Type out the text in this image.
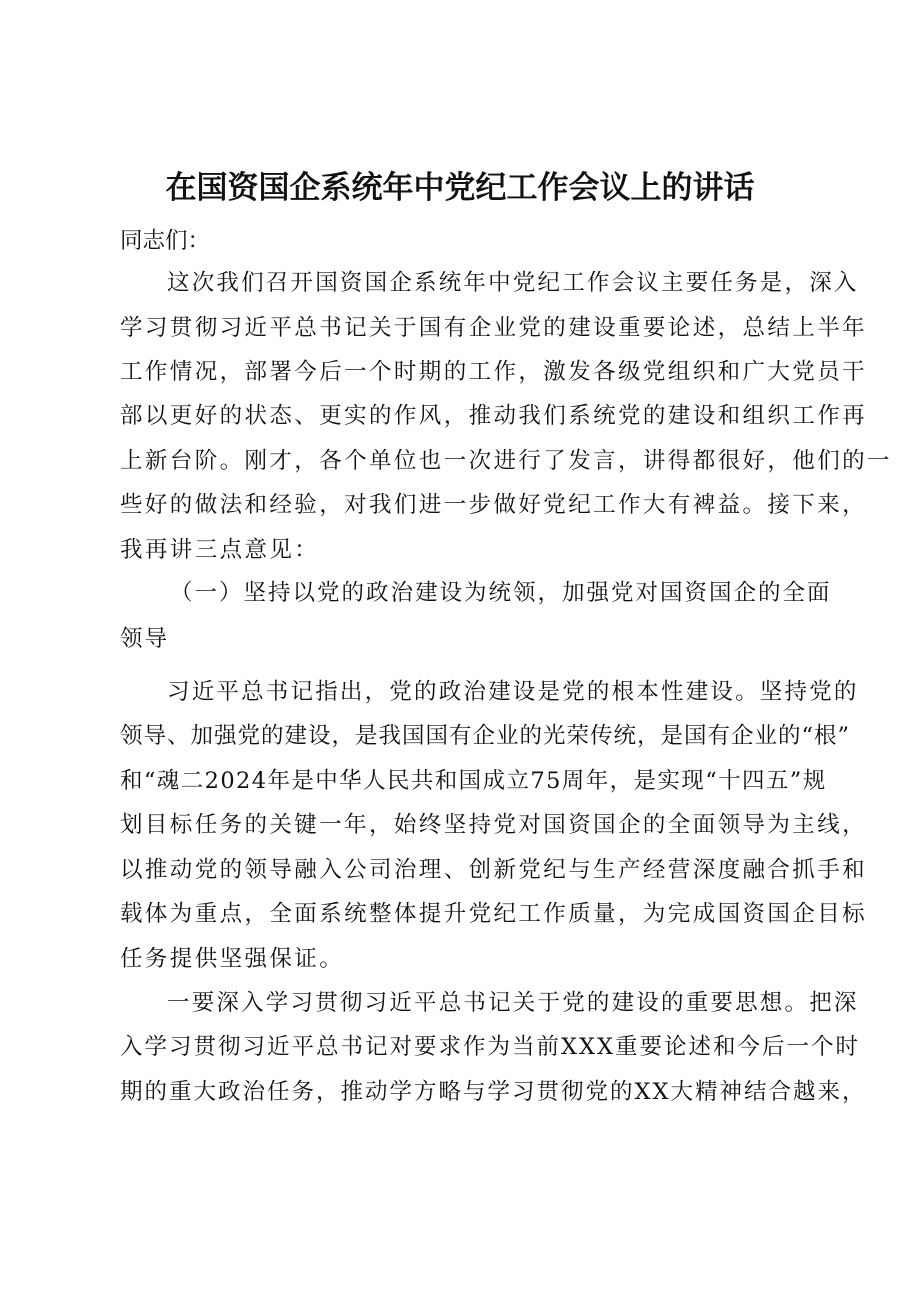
在国资国企系统年中党纪工作会议上的讲话

同志们：

这次我们召开国资国企系统年中党纪工作会议主要任务是，深入

学习贯彻习近平总书记关于国有企业党的建设重要论述，总结上半年

工作情况，部署今后一个时期的工作，激发各级党组织和广大党员干

部以更好的状态、更实的作风，推动我们系统党的建设和组织工作再

上新台阶。刚才，各个单位也一次进行了发言，讲得都很好，他们的一

些好的做法和经验，对我们进一步做好党纪工作大有裨益。接下来，

我再讲三点意见：

（一）坚持以党的政治建设为统领，加强党对国资国企的全面

领导

习近平总书记指出，党的政治建设是党的根本性建设。坚持党的

领导、加强党的建设，是我国国有企业的光荣传统，是国有企业的“根”

和“魂二2024年是中华人民共和国成立75周年，是实现“十四五”规

划目标任务的关键一年，始终坚持党对国资国企的全面领导为主线，

以推动党的领导融入公司治理、创新党纪与生产经营深度融合抓手和

载体为重点，全面系统整体提升党纪工作质量，为完成国资国企目标

任务提供坚强保证。

一要深入学习贯彻习近平总书记关于党的建设的重要思想。把深

入学习贯彻习近平总书记对要求作为当前XXX重要论述和今后一个时

期的重大政治任务，推动学方略与学习贯彻党的XX大精神结合越来，
